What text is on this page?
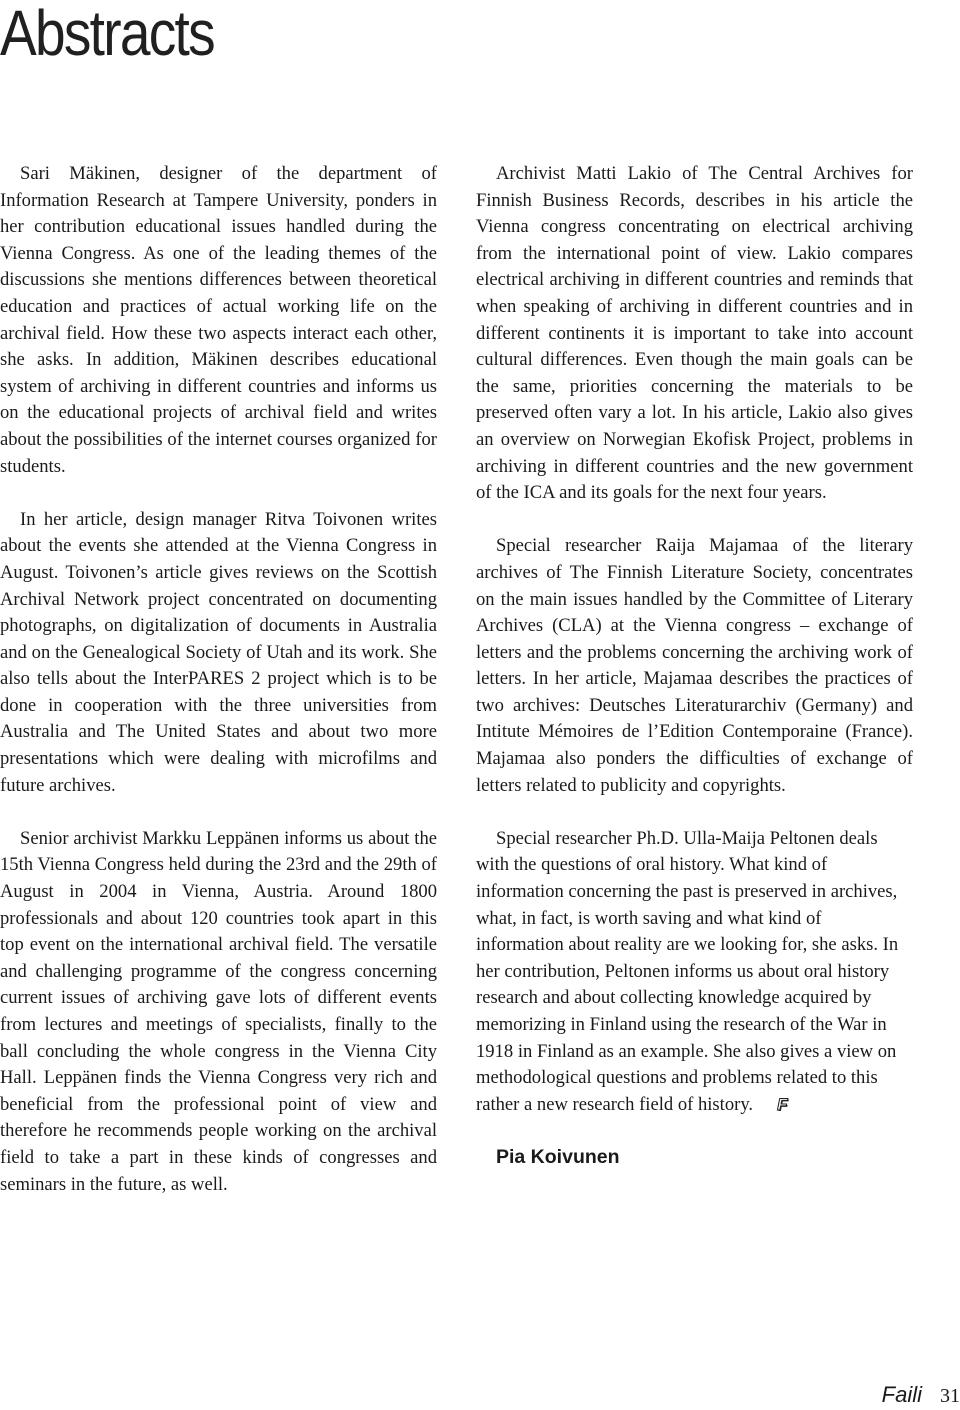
Abstracts

Sari Mäkinen, designer of the department of Information Research at Tampere University, ponders in her contribution educational issues handled during the Vienna Congress. As one of the leading themes of the discussions she mentions differences between theoretical education and practices of actual working life on the archival field. How these two aspects interact each other, she asks. In addition, Mäkinen describes educational system of archiving in different countries and informs us on the educational projects of archival field and writes about the possibilities of the internet courses organized for students.

In her article, design manager Ritva Toivonen writes about the events she attended at the Vienna Congress in August. Toivonen’s article gives reviews on the Scottish Archival Network project concentrated on documenting photographs, on digitalization of documents in Australia and on the Genealogical Society of Utah and its work. She also tells about the InterPARES 2 project which is to be done in cooperation with the three universities from Australia and The United States and about two more presentations which were dealing with microfilms and future archives.

Senior archivist Markku Leppänen informs us about the 15th Vienna Congress held during the 23rd and the 29th of August in 2004 in Vienna, Austria. Around 1800 professionals and about 120 countries took apart in this top event on the international archival field. The versatile and challenging programme of the congress concerning current issues of archiving gave lots of different events from lectures and meetings of specialists, finally to the ball concluding the whole congress in the Vienna City Hall. Leppänen finds the Vienna Congress very rich and beneficial from the professional point of view and therefore he recommends people working on the archival field to take a part in these kinds of congresses and seminars in the future, as well.

Archivist Matti Lakio of The Central Archives for Finnish Business Records, describes in his article the Vienna congress concentrating on electrical archiving from the international point of view. Lakio compares electrical archiving in different countries and reminds that when speaking of archiving in different countries and in different continents it is important to take into account cultural differences. Even though the main goals can be the same, priorities concerning the materials to be preserved often vary a lot. In his article, Lakio also gives an overview on Norwegian Ekofisk Project, problems in archiving in different countries and the new government of the ICA and its goals for the next four years.

Special researcher Raija Majamaa of the literary archives of The Finnish Literature Society, concentrates on the main issues handled by the Committee of Literary Archives (CLA) at the Vienna congress – exchange of letters and the problems concerning the archiving work of letters. In her article, Majamaa describes the practices of two archives: Deutsches Literaturarchiv (Germany) and Intitute Mémoires de l’Edition Contemporaine (France). Majamaa also ponders the difficulties of exchange of letters related to publicity and copyrights.

Special researcher Ph.D. Ulla-Maija Peltonen deals with the questions of oral history. What kind of information concerning the past is preserved in archives, what, in fact, is worth saving and what kind of information about reality are we looking for, she asks. In her contribution, Peltonen informs us about oral history research and about collecting knowledge acquired by memorizing in Finland using the research of the War in 1918 in Finland as an example. She also gives a view on methodological questions and problems related to this rather a new research field of history. F

Pia Koivunen
Faili 31
